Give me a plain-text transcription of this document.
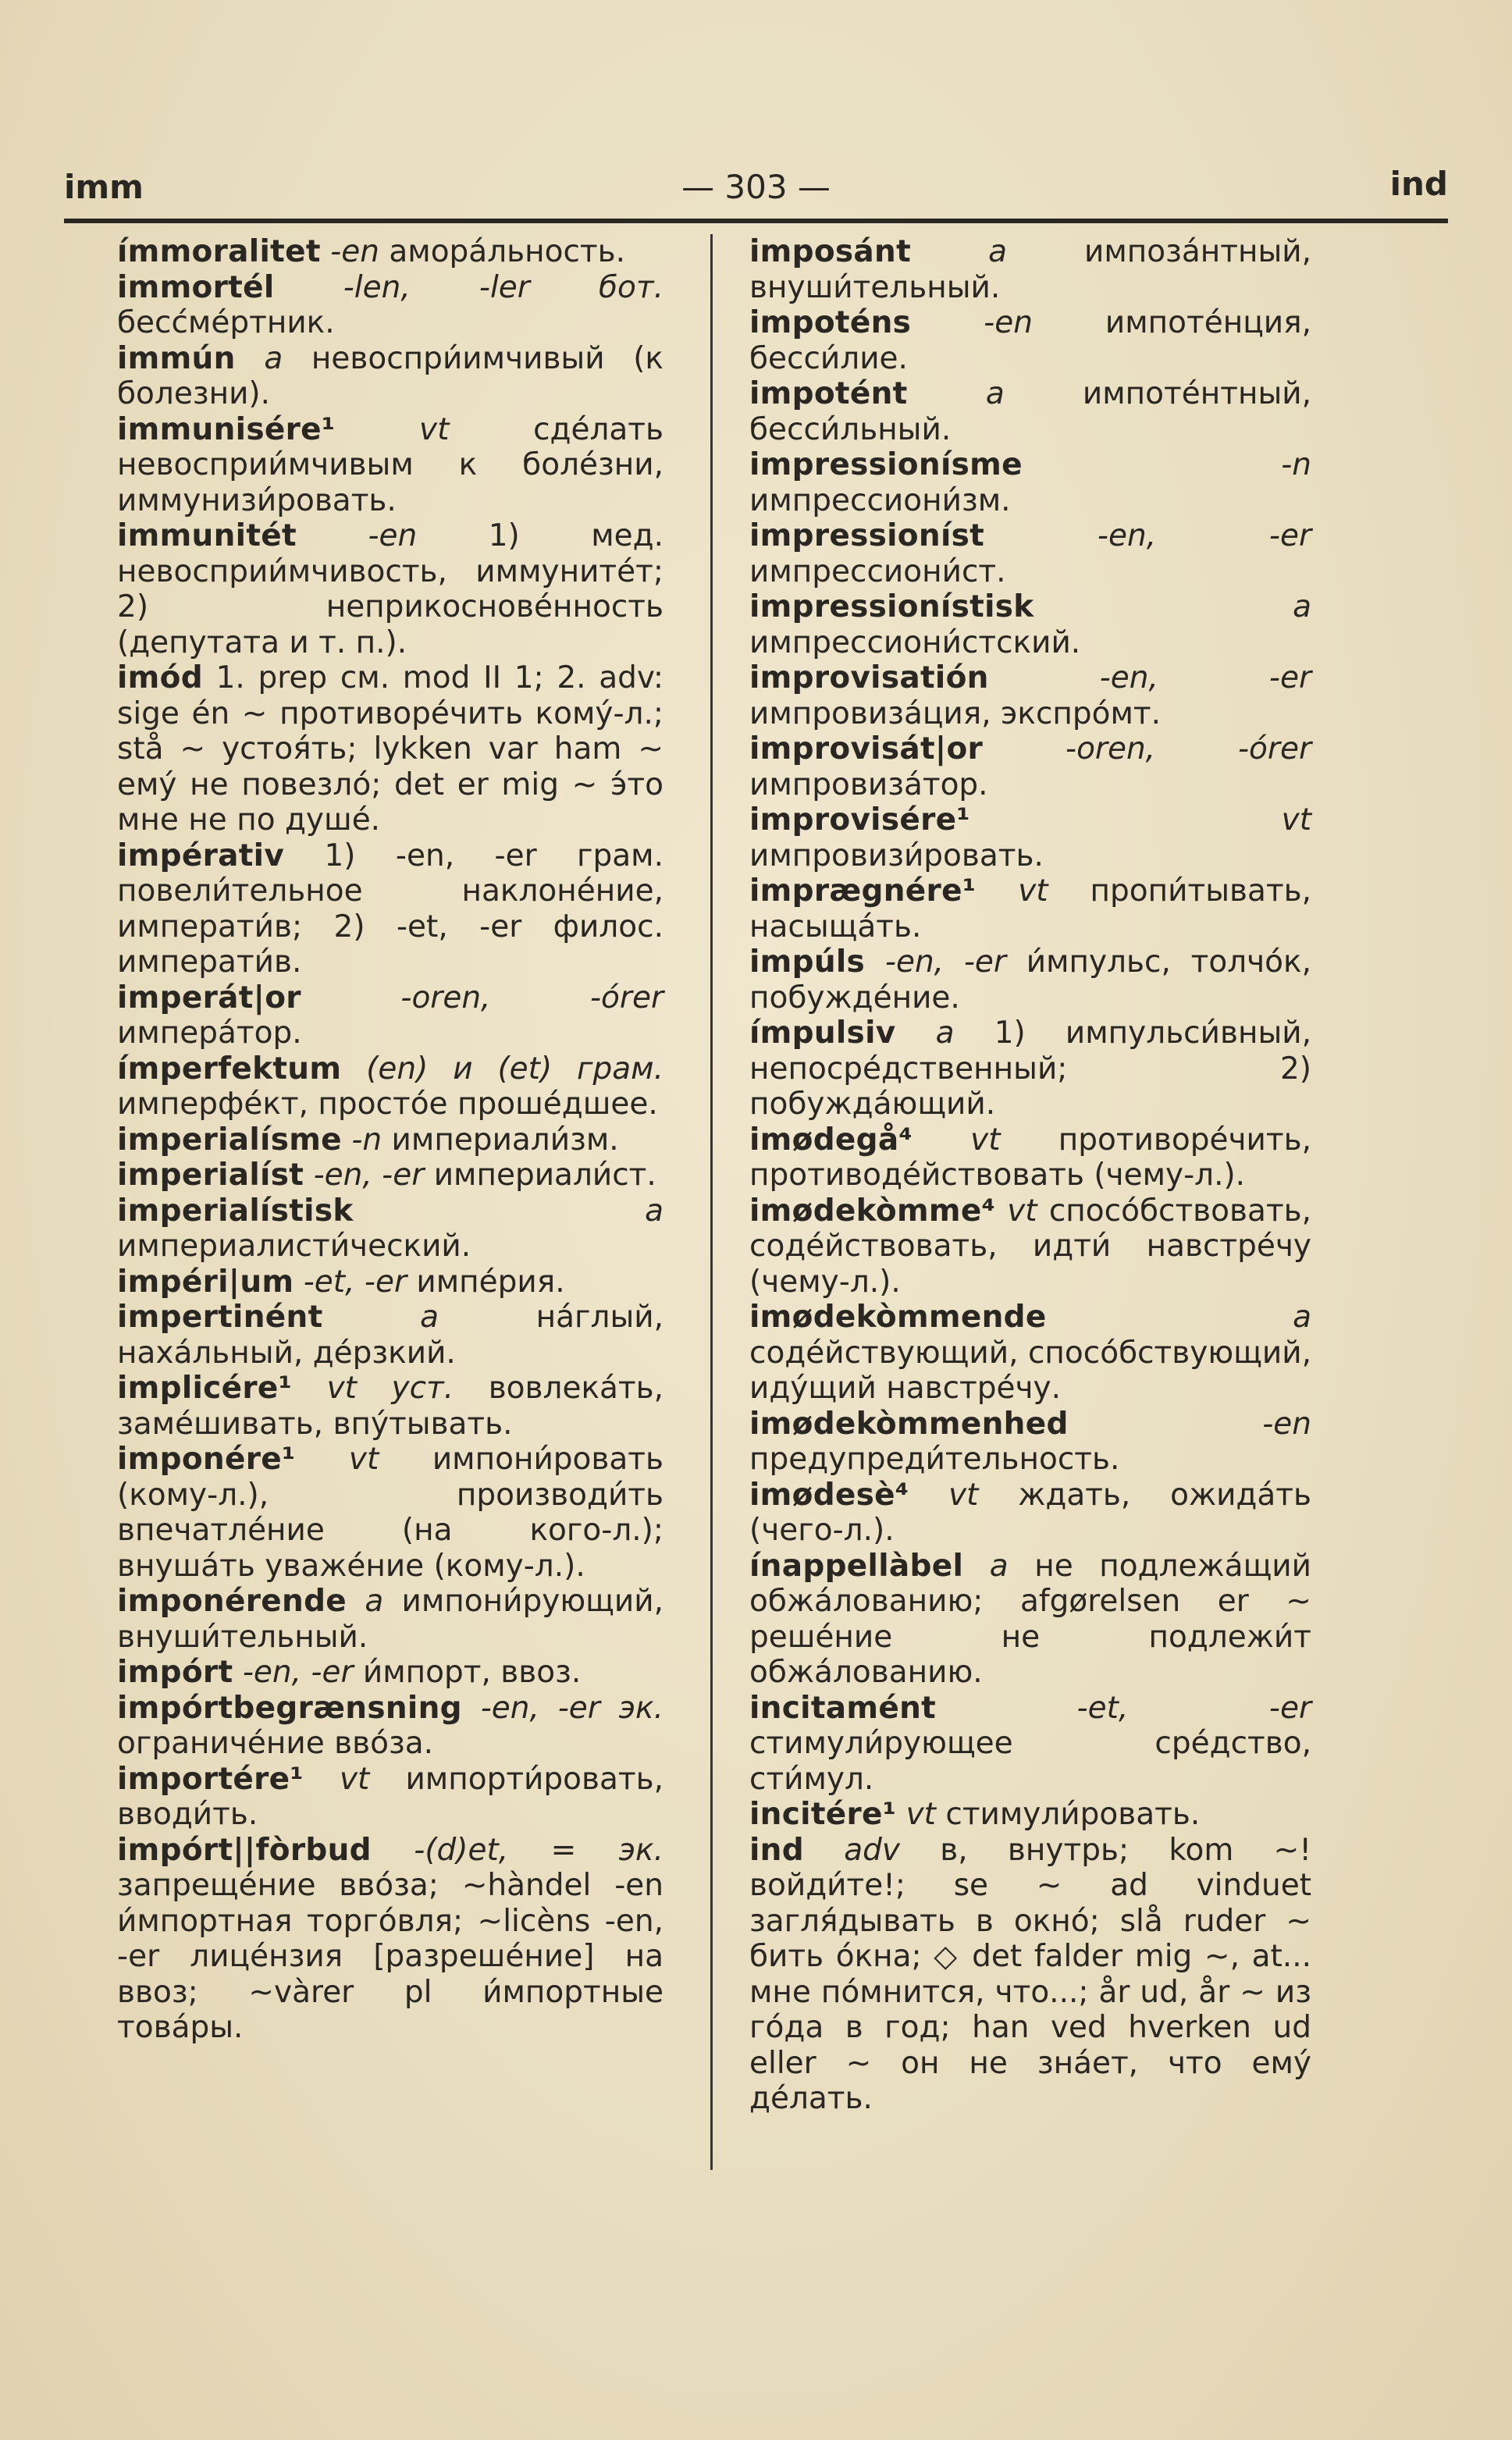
imm	— 303 —	ind
ímmoralitet -en амора́льность.
immortél -len, -ler бот. бесс́ме́ртник.
immún a невоспри́имчивый (к болезни).
immunisére¹	vt	сде́лать невосприи́мчивым к боле́зни, иммунизи́ровать.
immunitét -en 1) мед. невосприи́мчивость, иммуните́т; 2) неприкоснове́нность (депутата и т. п.).
imód 1. prep см. mod II 1; 2. adv: sige én ~ противоре́чить кому́-л.; stå ~ устоя́ть; lykken var ham ~ ему́ не повезло́; det er mig ~ э́то мне не по душе́.
impérativ 1) -en, -er грам. повели́тельное наклоне́ние, императи́в; 2) -et, -er филос. императи́в.
imperát|or	-oren, -órer импера́тор.
ímperfektum (en) и (et) грам. имперфе́кт, просто́е проше́дшее.
imperialísme -n империали́зм.
imperialíst -en, -er империали́ст.
imperialístisk	a империалисти́ческий.
impéri|um -et, -er импе́рия.
impertinént	a	на́глый, наха́льный, де́рзкий.
implicére¹ vt уст. вовлека́ть, заме́шивать, впу́тывать.
imponére¹ vt импони́ровать (кому-л.), производи́ть впечатле́ние (на кого-л.); внуша́ть уваже́ние (кому-л.).
imponérende a импони́рующий, внуши́тельный.
impórt -en, -er и́мпорт, ввоз.
impórtbegrænsning -en, -er эк. ограниче́ние вво́за.
importére¹ vt импорти́ровать, вводи́ть.
impórt||fòrbud -(d)et, = эк. запреще́ние вво́за; ~hàndel -en и́мпортная торго́вля; ~licèns -en, -er лице́нзия [разреше́ние] на ввоз; ~vàrer pl и́мпортные това́ры.
imposánt	a	импоза́нтный, внуши́тельный.
impoténs -en импоте́нция, бесси́лие.
impotént	a	импоте́нтный, бесси́льный.
impressionísme	-n импрессиони́зм.
impressioníst	-en, -er импрессиони́ст.
impressionístisk	a импрессиони́стский.
improvisatión	-en, -er импровиза́ция, экспро́мт.
improvisát|or	-oren, -órer импровиза́тор.
improvisére¹	vt импровизи́ровать.
imprægnére¹ vt пропи́тывать, насыща́ть.
impúls -en, -er и́мпульс, толчо́к, побужде́ние.
ímpulsiv a 1) импульси́вный, непосре́дственный; 2) побужда́ющий.
imødegå⁴ vt противоре́чить, противоде́йствовать (чему-л.).
imødekòmme⁴ vt спосо́бствовать, соде́йствовать, идти́ навстре́чу (чему-л.).
imødekòmmende	a соде́йствующий, спосо́бствующий, иду́щий навстре́чу.
imødekòmmenhed	-en предупреди́тельность.
imødesè⁴ vt ждать, ожида́ть (чего-л.).
ínappellàbel a не подлежа́щий обжа́лованию; afgørelsen er ~ реше́ние не подлежи́т обжа́лованию.
incitamént	-et, -er стимули́рующее сре́дство, сти́мул.
incitére¹ vt стимули́ровать.
ind adv в, внутрь; kom ~! войди́те!; se ~ ad vinduet загля́дывать в окно́; slå ruder ~ бить о́кна; ◇ det falder mig ~, at... мне по́мнится, что...; år ud, år ~ из го́да в год; han ved hverken ud eller ~ он не зна́ет, что ему́ де́лать.
